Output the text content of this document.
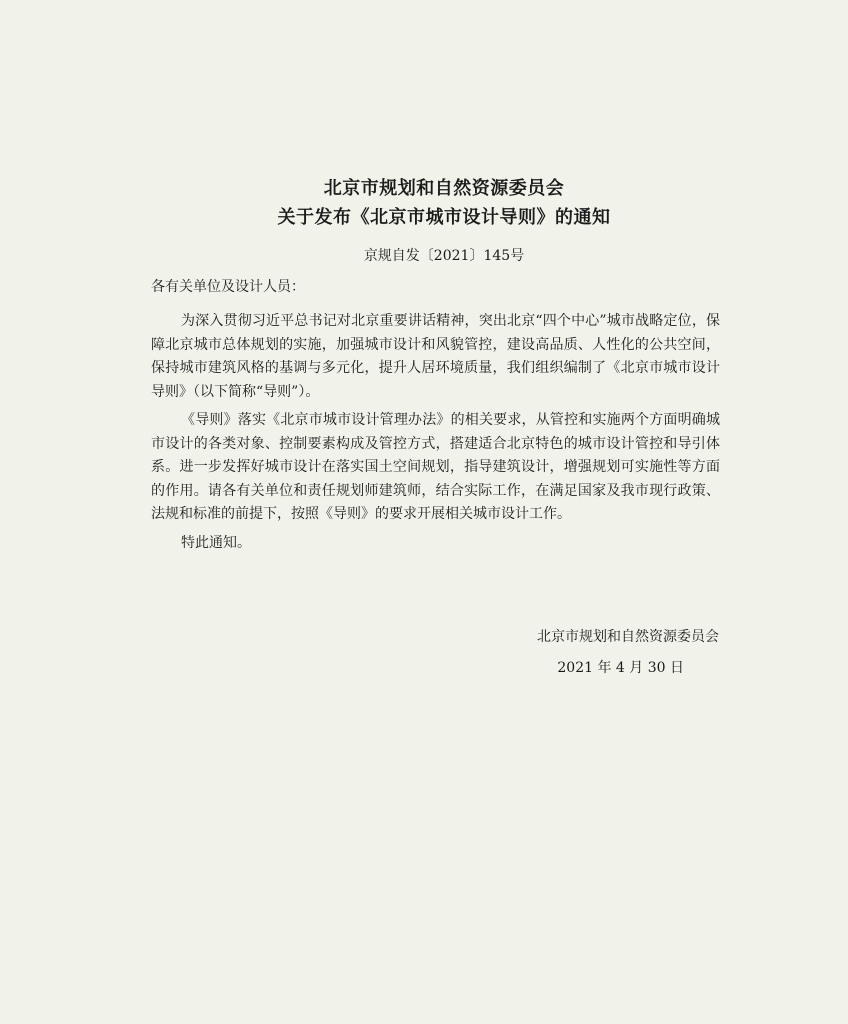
北京市规划和自然资源委员会
关于发布《北京市城市设计导则》的通知
京规自发〔2021〕145号
各有关单位及设计人员：

为深入贯彻习近平总书记对北京重要讲话精神，突出北京“四个中心”城市战略定位，保障北京城市总体规划的实施，加强城市设计和风貌管控，建设高品质、人性化的公共空间，保持城市建筑风格的基调与多元化，提升人居环境质量，我们组织编制了《北京市城市设计导则》（以下简称“导则”）。

《导则》落实《北京市城市设计管理办法》的相关要求，从管控和实施两个方面明确城市设计的各类对象、控制要素构成及管控方式，搭建适合北京特色的城市设计管控和导引体系。进一步发挥好城市设计在落实国土空间规划，指导建筑设计，增强规划可实施性等方面的作用。请各有关单位和责任规划师建筑师，结合实际工作，在满足国家及我市现行政策、法规和标准的前提下，按照《导则》的要求开展相关城市设计工作。

特此通知。

北京市规划和自然资源委员会
2021 年 4 月 30 日
